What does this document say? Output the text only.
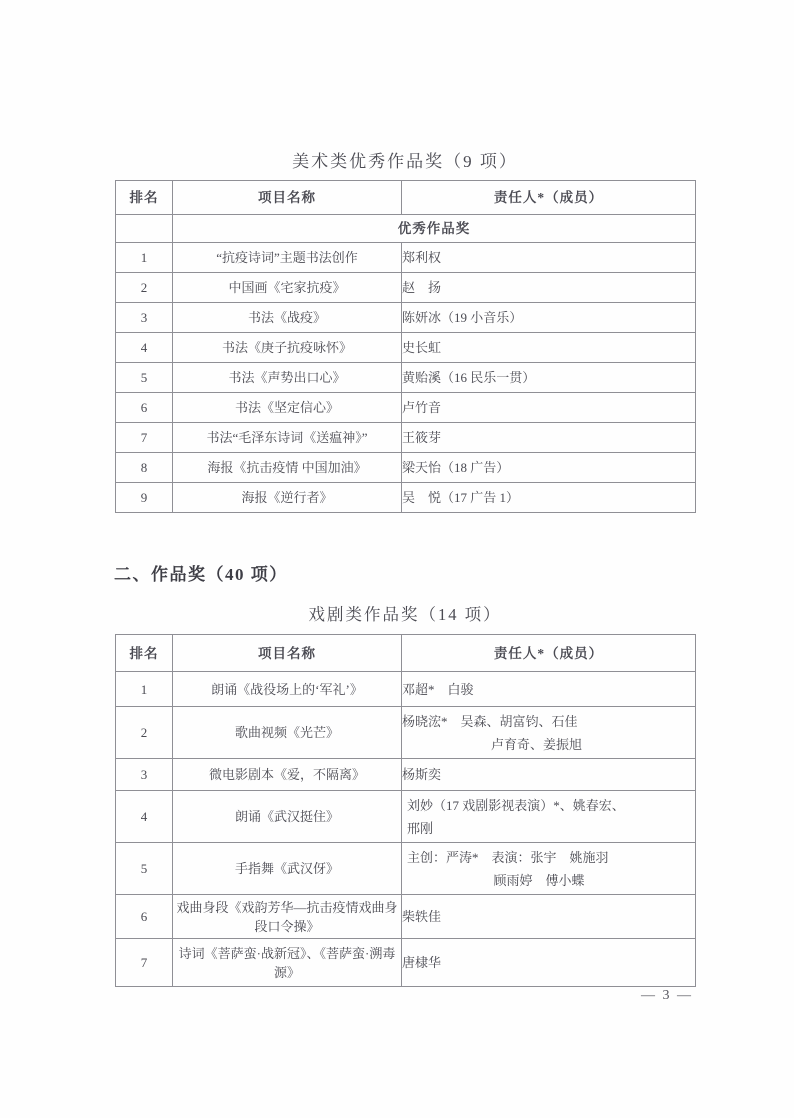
美术类优秀作品奖（9 项）
排名	项目名称	责任人*（成员）
	优秀作品奖	
1	“抗疫诗词”主题书法创作	郑利权
2	中国画《宅家抗疫》	赵　扬
3	书法《战疫》	陈妍冰（19 小音乐）
4	书法《庚子抗疫咏怀》	史长虹
5	书法《声势出口心》	黄贻溪（16 民乐一贯）
6	书法《坚定信心》	卢竹音
7	书法“毛泽东诗词《送瘟神》”	王筱芽
8	海报《抗击疫情 中国加油》	梁天怡（18 广告）
9	海报《逆行者》	吴　悦（17 广告 1）
二、作品奖（40 项）
戏剧类作品奖（14 项）
排名	项目名称	责任人*（成员）
1	朗诵《战役场上的‘军礼’》	邓超*　白骏
2	歌曲视频《光芒》	杨晓浤*　吴森、胡富钧、石佳
卢育奇、姜振旭

3	微电影剧本《爱，不隔离》	杨斯奕
4	朗诵《武汉挺住》	刘妙（17 戏剧影视表演）*、姚春宏、
邢刚

5	手指舞《武汉伢》	主创：严涛*　表演：张宇　姚施羽
顾雨婷　傅小蝶

6	戏曲身段《戏韵芳华—抗击疫情戏曲身段口令操》	柴轶佳
7	诗词《菩萨蛮·战新冠》、《菩萨蛮·溯毒源》	唐棣华
— 3 —
